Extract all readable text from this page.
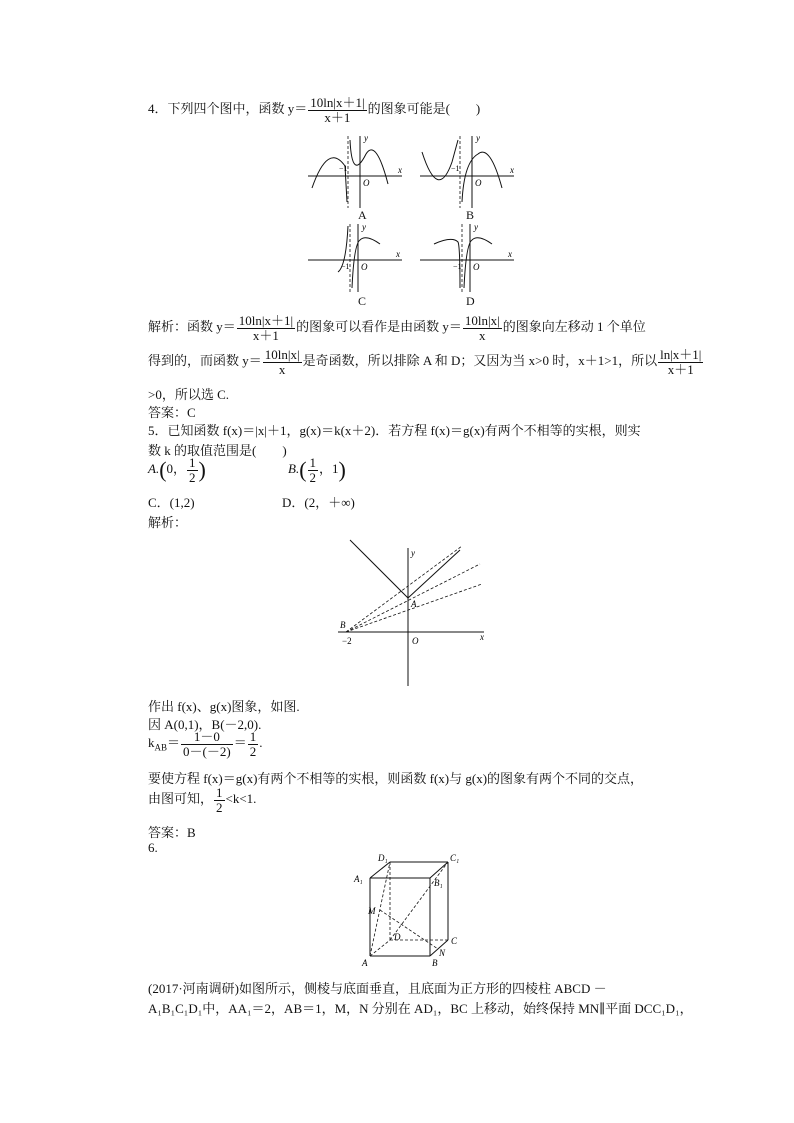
4．下列四个图中，函数 $y= \frac{10\ln|x+1|}{x+1}$ 的图象可能是(　　)
y
x
O
−1
A
y
x
O
−1
B
y
x
O
−1
C
y
x
O
−1
D
解析：函数 $y= \frac{10\ln|x+1|}{x+1}$ 的图象可以看作是由函数 $y= \frac{10\ln|x|}{x}$ 的图象向左移动 1 个单位
得到的，而函数 $y= \frac{10\ln|x|}{x}$ 是奇函数，所以排除 A 和 D；又因为当 x>0 时，x＋1>1，所以 $\frac{\ln|x+1|}{x+1}$
>0，所以选 C.
答案：C
5．已知函数 f(x)＝|x|＋1，g(x)＝k(x＋2)．若方程 f(x)＝g(x)有两个不相等的实根，则实
数 k 的取值范围是(　　)
A.(0， $\frac{1}{2}$ )	$B.( \frac{1}{2}$ ，1)
C．(1,2)	D．(2，＋∞)
解析：
y
x
A
B
O
−2
作出 f(x)、g(x)图象，如图.
因 A(0,1)，B(－2,0).
$k_{AB}= \frac{1-0}{0-(-2)} = \frac{1}{2}$ .
要使方程 f(x)＝g(x)有两个不相等的实根，则函数 f(x)与 g(x)的图象有两个不同的交点，
由图可知， $\frac{1}{2} <k<1$.
答案：B
6.
D₁	C₁
A₁	B₁
M
D	C
A	B
N
(2017·河南调研)如图所示，侧棱与底面垂直，且底面为正方形的四棱柱 ABCD －
A₁B₁C₁D₁中，AA₁＝2，AB＝1，M，N 分别在 AD₁，BC 上移动，始终保持 MN∥平面 DCC₁D₁，
